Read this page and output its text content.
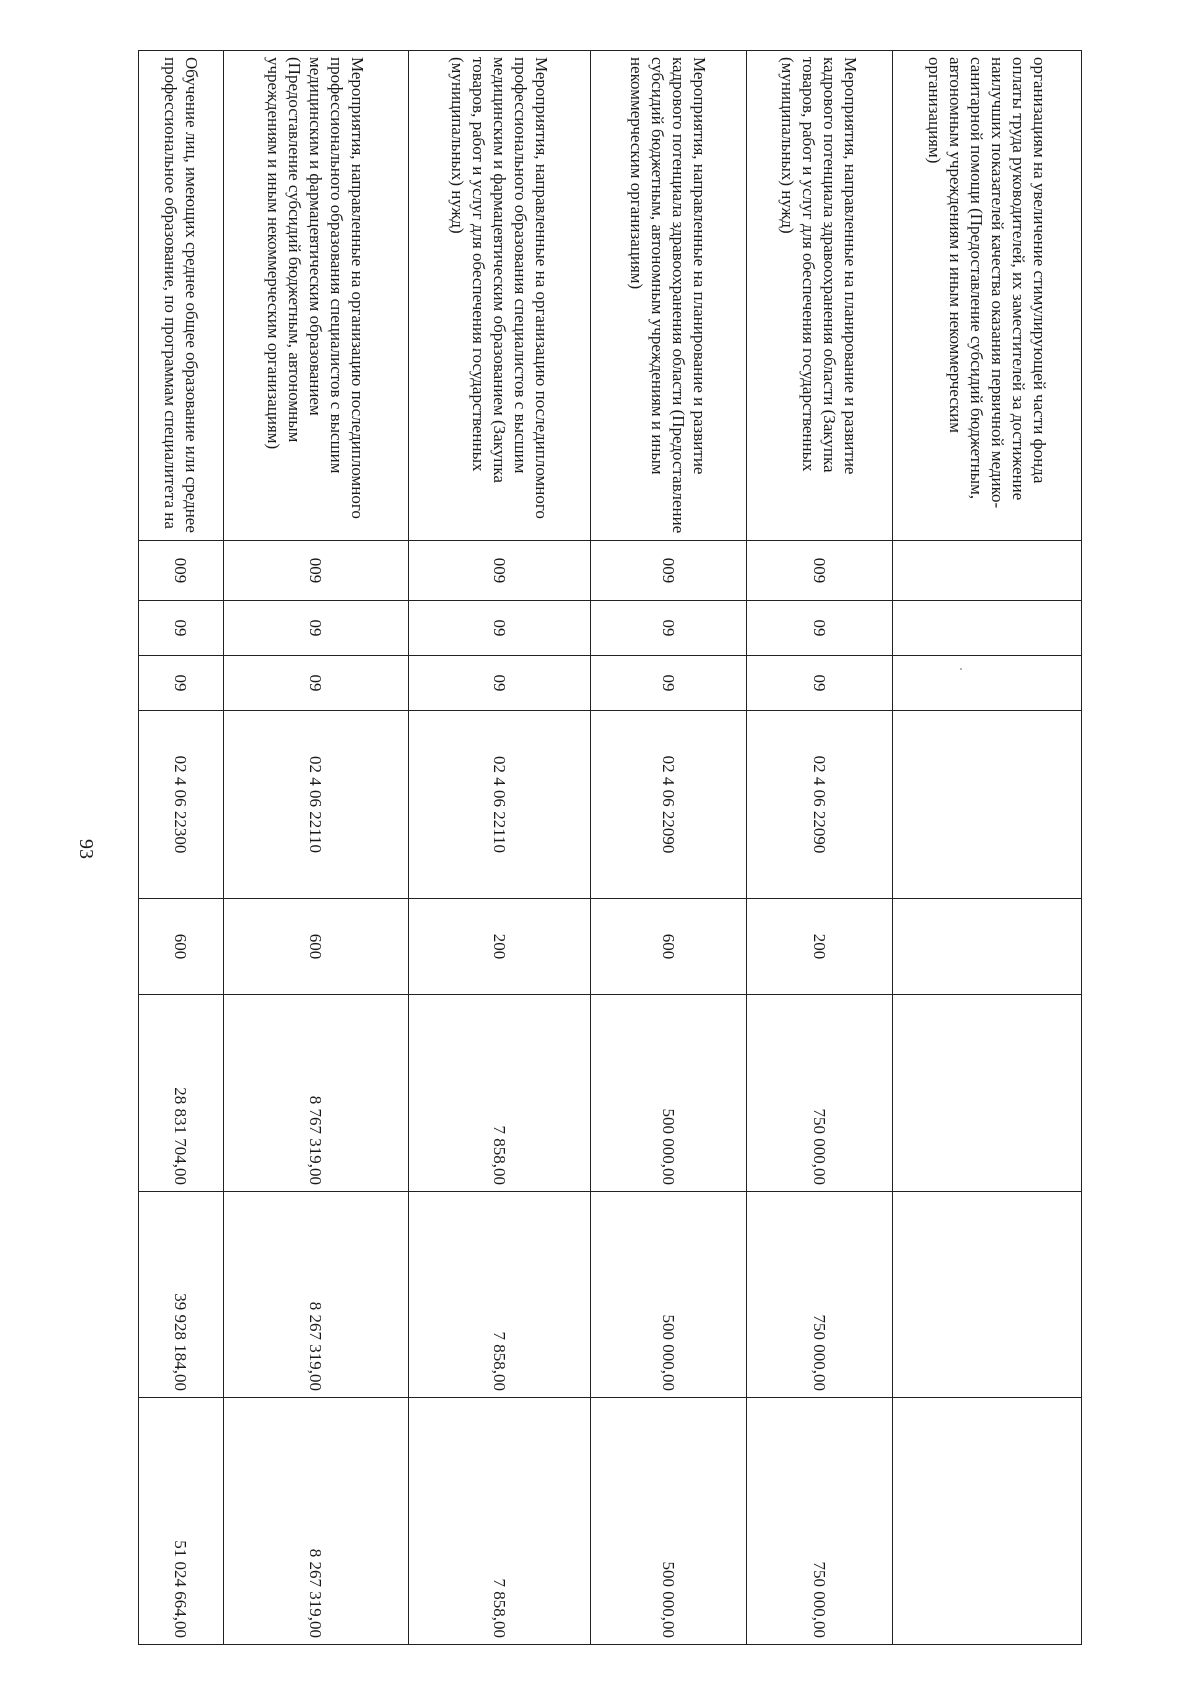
93
организациям на увеличение стимулирующей части фонда оплаты труда руководителей, их заместителей за достижение наилучших показателей качества оказания первичной медико-санитарной помощи (Предоставление субсидий бюджетным, автономным учреждениям и иным некоммерческим организациям)								
Мероприятия, направленные на планирование и развитие кадрового потенциала здравоохранения области (Закупка товаров, работ и услуг для обеспечения государственных (муниципальных) нужд)	009	09	09	02 4 06 22090	200	750 000,00	750 000,00	750 000,00
Мероприятия, направленные на планирование и развитие кадрового потенциала здравоохранения области (Предоставление субсидий бюджетным, автономным учреждениям и иным некоммерческим организациям)	009	09	09	02 4 06 22090	600	500 000,00	500 000,00	500 000,00
Мероприятия, направленные на организацию последипломного профессионального образования специалистов с высшим медицинским и фармацевтическим образованием (Закупка товаров, работ и услуг для обеспечения государственных (муниципальных) нужд)	009	09	09	02 4 06 22110	200	7 858,00	7 858,00	7 858,00
Мероприятия, направленные на организацию последипломного профессионального образования специалистов с высшим медицинским и фармацевтическим образованием (Предоставление субсидий бюджетным, автономным учреждениям и иным некоммерческим организациям)	009	09	09	02 4 06 22110	600	8 767 319,00	8 267 319,00	8 267 319,00
Обучение лиц, имеющих среднее общее образование или среднее профессиональное образование, по программам специалитета на	009	09	09	02 4 06 22300	600	28 831 704,00	39 928 184,00	51 024 664,00
